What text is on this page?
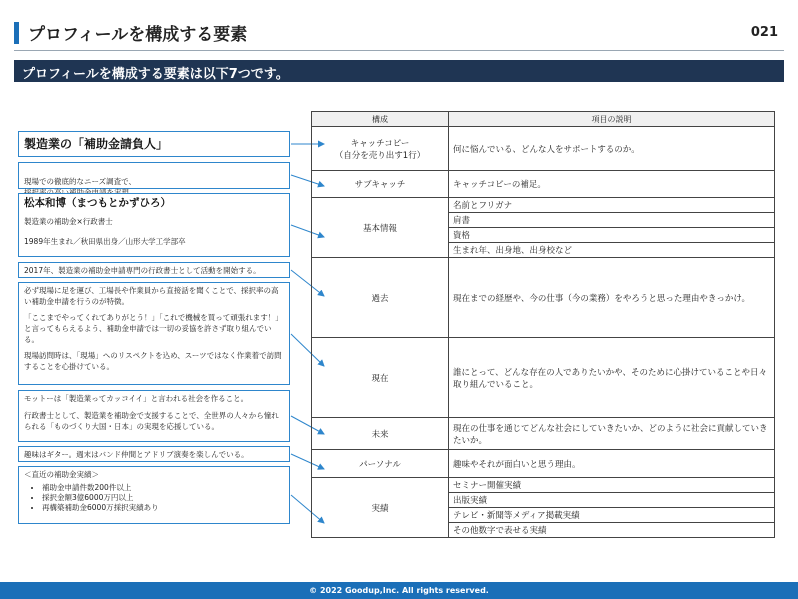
プロフィールを構成する要素	021
プロフィールを構成する要素は以下7つです。
製造業の「補助金請負人」

現場での徹底的なニーズ調査で、

松本和博（まつもとかずひろ）

製造業の補助金×行政書士

1989年生まれ／秋田県出身／山形大学工学部卒

2017年、製造業の補助金申請専門の行政書士として活動を開始する。

必ず現場に足を運び、工場長や作業員から直接話を聞くことで、採択率の高い補助金申請を行うのが特徴。

「ここまでやってくれてありがとう！」「これで機械を買って頑張れます！」と言ってもらえるよう、補助金申請では一切の妥協を許さず取り組んでいる。

現場訪問時は、「現場」へのリスペクトを込め、スーツではなく作業着で訪問することを心掛けている。

モットーは「製造業ってカッコイイ」と言われる社会を作ること。

行政書士として、製造業を補助金で支援することで、全世界の人々から憧れられる「ものづくり大国・日本」の実現を応援している。

趣味はギター。週末はバンド仲間とアドリブ演奏を楽しんでいる。

＜直近の補助金実績＞

• 補助金申請件数200件以上
• 採択金額3億6000万円以上
• 再構築補助金6000万採択実績あり
構成	項目の説明
キャッチコピー
（自分を売り出す1行）	何に悩んでいる、どんな人をサポートするのか。
サブキャッチ	キャッチコピーの補足。
基本情報	名前とフリガナ
	肩書
	資格
	生まれ年、出身地、出身校など
過去	現在までの経歴や、今の仕事（今の業務）をやろうと思った理由やきっかけ。
現在	誰にとって、どんな存在の人でありたいかや、そのために心掛けていることや日々取り組んでいること。
未来	現在の仕事を通じてどんな社会にしていきたいか、どのように社会に貢献していきたいか。
パーソナル	趣味やそれが面白いと思う理由。
実績	セミナー開催実績
	出版実績
	テレビ・新聞等メディア掲載実績
	その他数字で表せる実績
© 2022 Goodup,Inc. All rights reserved.
